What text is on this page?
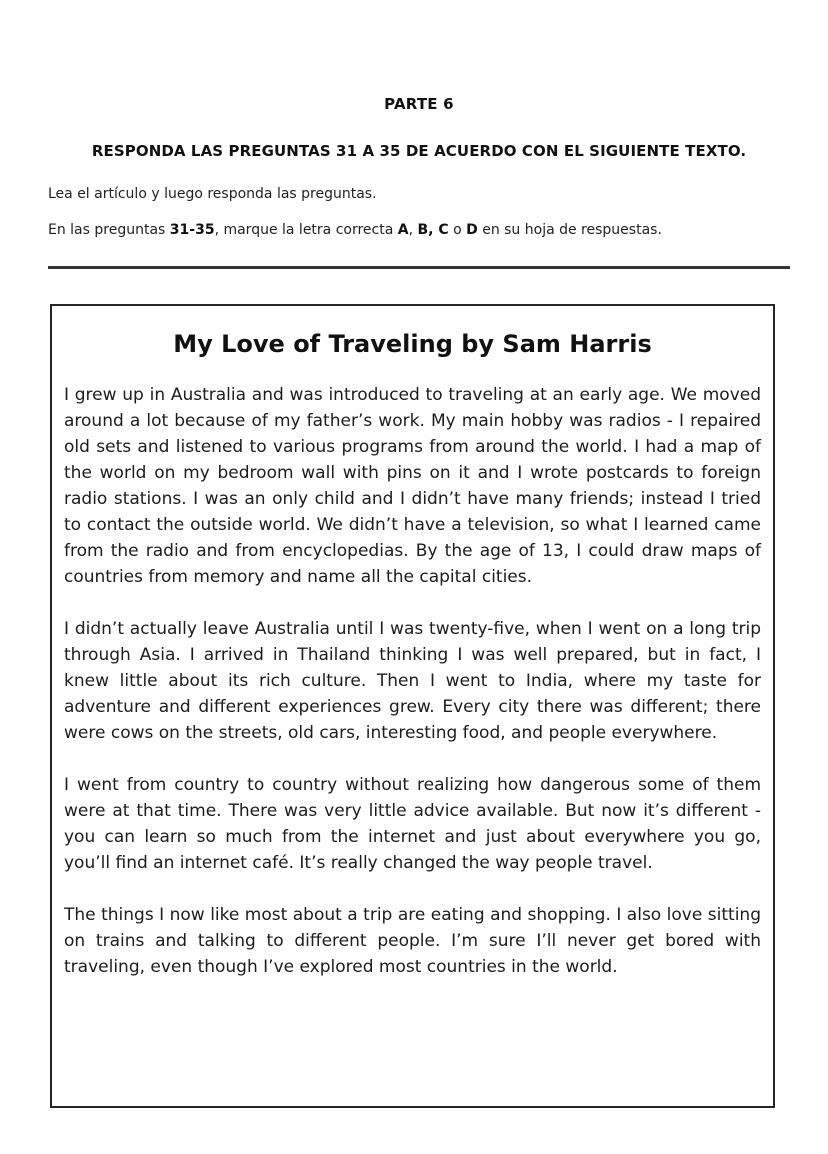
PARTE 6
RESPONDA LAS PREGUNTAS 31 A 35 DE ACUERDO CON EL SIGUIENTE TEXTO.

Lea el artículo y luego responda las preguntas.

En las preguntas 31-35, marque la letra correcta A, B, C o D en su hoja de respuestas.

My Love of Traveling by Sam Harris

I grew up in Australia and was introduced to traveling at an early age. We moved around a lot because of my father’s work. My main hobby was radios - I repaired old sets and listened to various programs from around the world. I had a map of the world on my bedroom wall with pins on it and I wrote postcards to foreign radio stations. I was an only child and I didn’t have many friends; instead I tried to contact the outside world. We didn’t have a television, so what I learned came from the radio and from encyclopedias. By the age of 13, I could draw maps of countries from memory and name all the capital cities.

I didn’t actually leave Australia until I was twenty-five, when I went on a long trip through Asia. I arrived in Thailand thinking I was well prepared, but in fact, I knew little about its rich culture. Then I went to India, where my taste for adventure and different experiences grew. Every city there was different; there were cows on the streets, old cars, interesting food, and people everywhere.

I went from country to country without realizing how dangerous some of them were at that time. There was very little advice available. But now it’s different - you can learn so much from the internet and just about everywhere you go, you’ll find an internet café. It’s really changed the way people travel.

The things I now like most about a trip are eating and shopping. I also love sitting on trains and talking to different people. I’m sure I’ll never get bored with traveling, even though I’ve explored most countries in the world.
